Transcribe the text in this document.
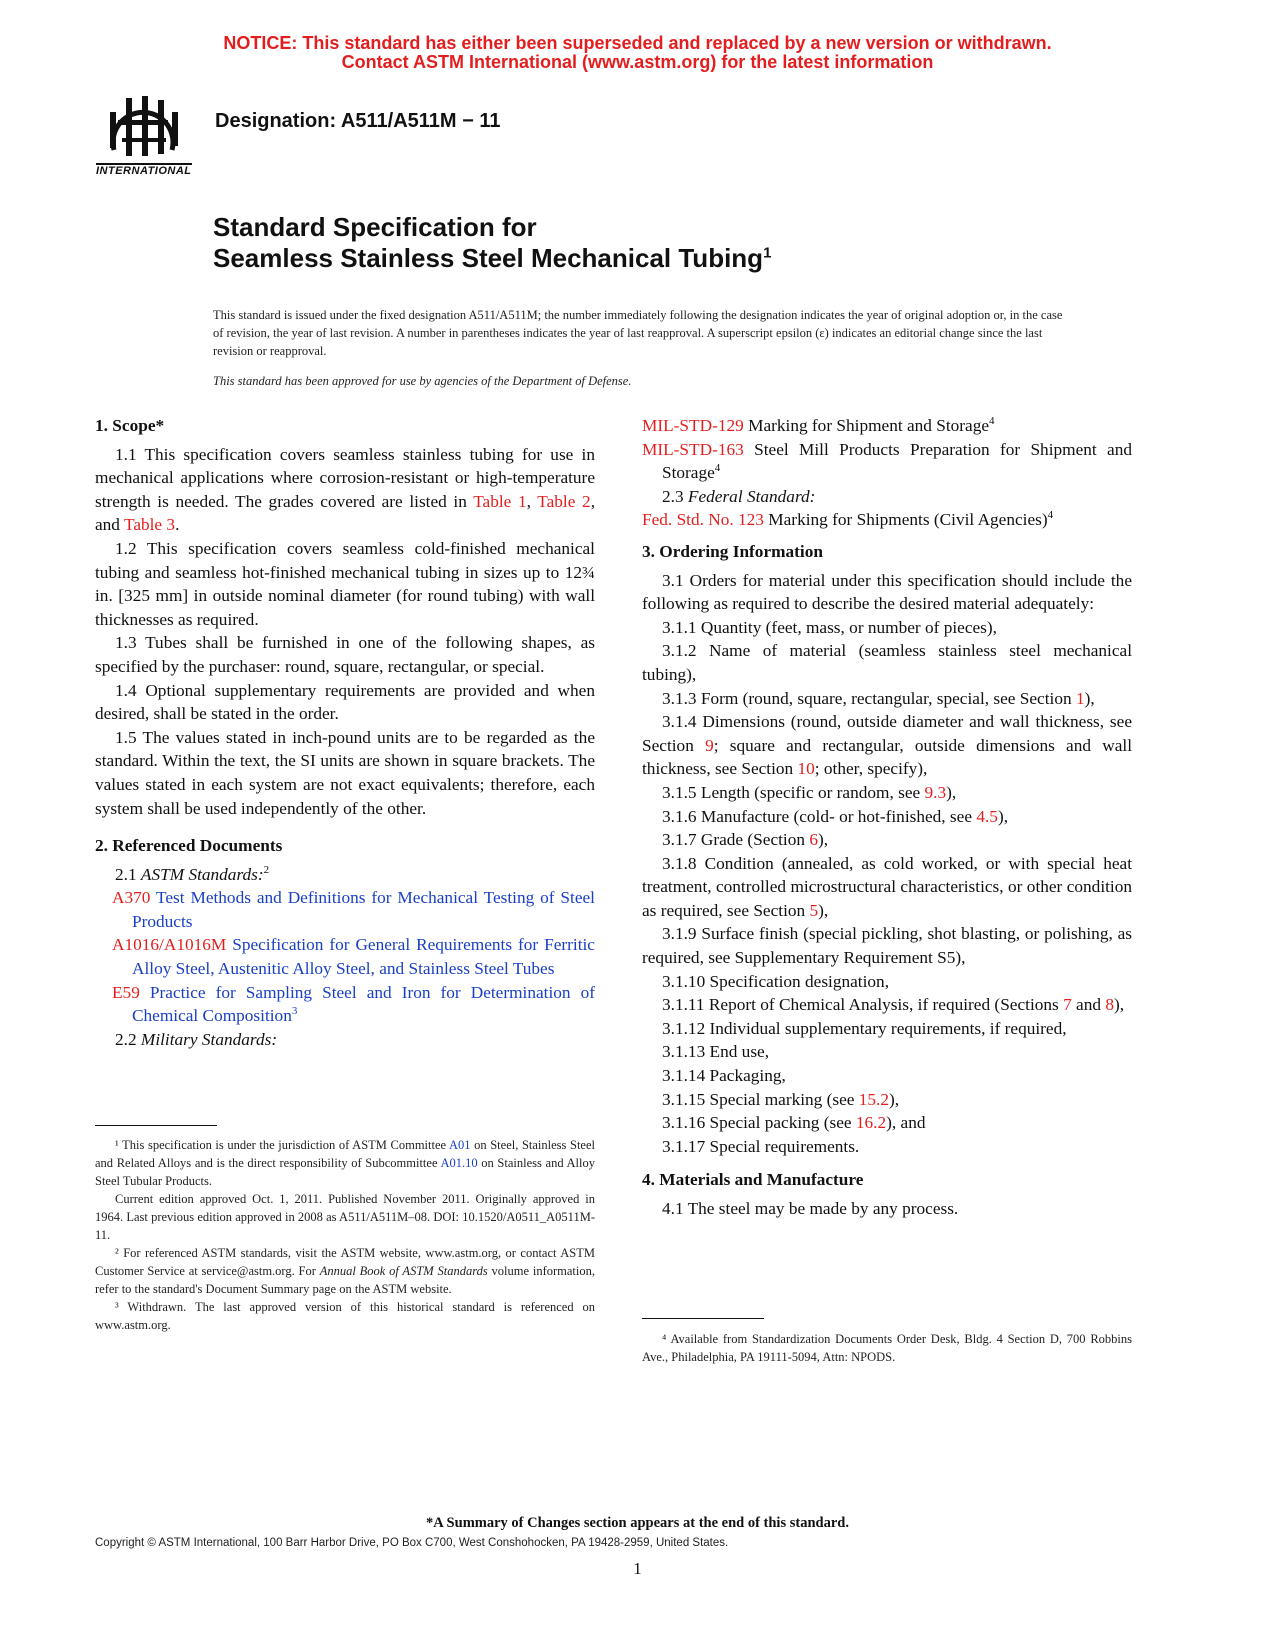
NOTICE: This standard has either been superseded and replaced by a new version or withdrawn.
Contact ASTM International (www.astm.org) for the latest information
INTERNATIONAL
Designation: A511/A511M − 11
Standard Specification for
Seamless Stainless Steel Mechanical Tubing$^1$
This standard is issued under the fixed designation A511/A511M; the number immediately following the designation indicates the year of original adoption or, in the case of revision, the year of last revision. A number in parentheses indicates the year of last reapproval. A superscript epsilon (ε) indicates an editorial change since the last revision or reapproval.
This standard has been approved for use by agencies of the Department of Defense.

1. Scope*

1.1 This specification covers seamless stainless tubing for use in mechanical applications where corrosion-resistant or high-temperature strength is needed. The grades covered are listed in Table 1, Table 2, and Table 3.

1.2 This specification covers seamless cold-finished mechanical tubing and seamless hot-finished mechanical tubing in sizes up to 12¾ in. [325 mm] in outside nominal diameter (for round tubing) with wall thicknesses as required.

1.3 Tubes shall be furnished in one of the following shapes, as specified by the purchaser: round, square, rectangular, or special.

1.4 Optional supplementary requirements are provided and when desired, shall be stated in the order.

1.5 The values stated in inch-pound units are to be regarded as the standard. Within the text, the SI units are shown in square brackets. The values stated in each system are not exact equivalents; therefore, each system shall be used independently of the other.

2. Referenced Documents

2.1 ASTM Standards:$^2$

A370 Test Methods and Definitions for Mechanical Testing of Steel Products

A1016/A1016M Specification for General Requirements for Ferritic Alloy Steel, Austenitic Alloy Steel, and Stainless Steel Tubes

E59 Practice for Sampling Steel and Iron for Determination of Chemical Composition$^3$

2.2 Military Standards:

¹ This specification is under the jurisdiction of ASTM Committee A01 on Steel, Stainless Steel and Related Alloys and is the direct responsibility of Subcommittee A01.10 on Stainless and Alloy Steel Tubular Products.

Current edition approved Oct. 1, 2011. Published November 2011. Originally approved in 1964. Last previous edition approved in 2008 as A511/A511M–08. DOI: 10.1520/A0511_A0511M-11.

² For referenced ASTM standards, visit the ASTM website, www.astm.org, or contact ASTM Customer Service at service@astm.org. For Annual Book of ASTM Standards volume information, refer to the standard's Document Summary page on the ASTM website.

³ Withdrawn. The last approved version of this historical standard is referenced on www.astm.org.

MIL-STD-129 Marking for Shipment and Storage$^4$

MIL-STD-163 Steel Mill Products Preparation for Shipment and Storage$^4$

2.3 Federal Standard:

Fed. Std. No. 123 Marking for Shipments (Civil Agencies)$^4$

3. Ordering Information

3.1 Orders for material under this specification should include the following as required to describe the desired material adequately:

3.1.1 Quantity (feet, mass, or number of pieces),

3.1.2 Name of material (seamless stainless steel mechanical tubing),

3.1.3 Form (round, square, rectangular, special, see Section 1),

3.1.4 Dimensions (round, outside diameter and wall thickness, see Section 9; square and rectangular, outside dimensions and wall thickness, see Section 10; other, specify),

3.1.5 Length (specific or random, see 9.3),

3.1.6 Manufacture (cold- or hot-finished, see 4.5),

3.1.7 Grade (Section 6),

3.1.8 Condition (annealed, as cold worked, or with special heat treatment, controlled microstructural characteristics, or other condition as required, see Section 5),

3.1.9 Surface finish (special pickling, shot blasting, or polishing, as required, see Supplementary Requirement S5),

3.1.10 Specification designation,

3.1.11 Report of Chemical Analysis, if required (Sections 7 and 8),

3.1.12 Individual supplementary requirements, if required,

3.1.13 End use,

3.1.14 Packaging,

3.1.15 Special marking (see 15.2),

3.1.16 Special packing (see 16.2), and

3.1.17 Special requirements.

4. Materials and Manufacture

4.1 The steel may be made by any process.

⁴ Available from Standardization Documents Order Desk, Bldg. 4 Section D, 700 Robbins Ave., Philadelphia, PA 19111-5094, Attn: NPODS.

*A Summary of Changes section appears at the end of this standard.
Copyright © ASTM International, 100 Barr Harbor Drive, PO Box C700, West Conshohocken, PA 19428-2959, United States.
1
